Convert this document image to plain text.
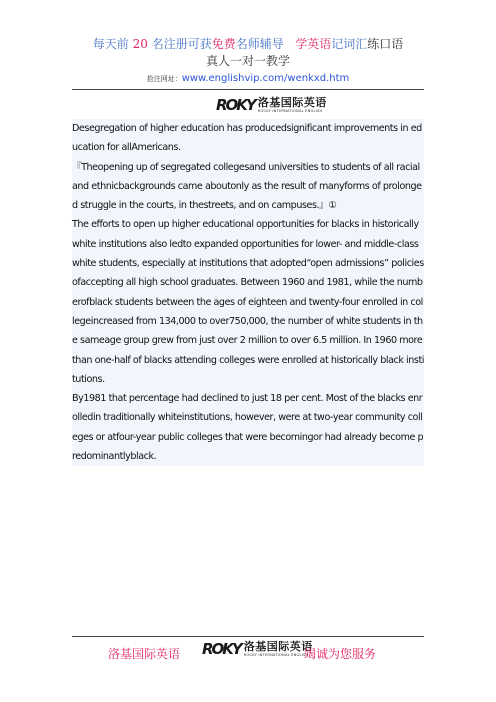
每天前 20 名注册可获免费名师辅导 学英语记词汇练口语
真人一对一教学
抢注网址：www.englishvip.com/wenkxd.htm
ROKY 洛基国际英语
ROCKY INTERNATIONAL ENGLISH

Desegregation of higher education has producedsignificant improvements in education for allAmericans.

『Theopening up of segregated collegesand universities to students of all racial and ethnicbackgrounds came aboutonly as the result of manyforms of prolonged struggle in the courts, in thestreets, and on campuses.』①

The efforts to open up higher educational opportunities for blacks in historicallywhite institutions also ledto expanded opportunities for lower- and middle-classwhite students, especially at institutions that adopted“open admissions” policies ofaccepting all high school graduates. Between 1960 and 1981, while the numberofblack students between the ages of eighteen and twenty-four enrolled in collegeincreased from 134,000 to over750,000, the number of white students in the sameage group grew from just over 2 million to over 6.5 million. In 1960 more than one-half of blacks attending colleges were enrolled at historically black institutions.

By1981 that percentage had declined to just 18 per cent. Most of the blacks enrolledin traditionally whiteinstitutions, however, were at two-year community colleges or atfour-year public colleges that were becomingor had already become predominantlyblack.

洛基国际英语 ROKY 洛基国际英语
ROCKY INTERNATIONAL ENGLISH
竭诚为您服务
